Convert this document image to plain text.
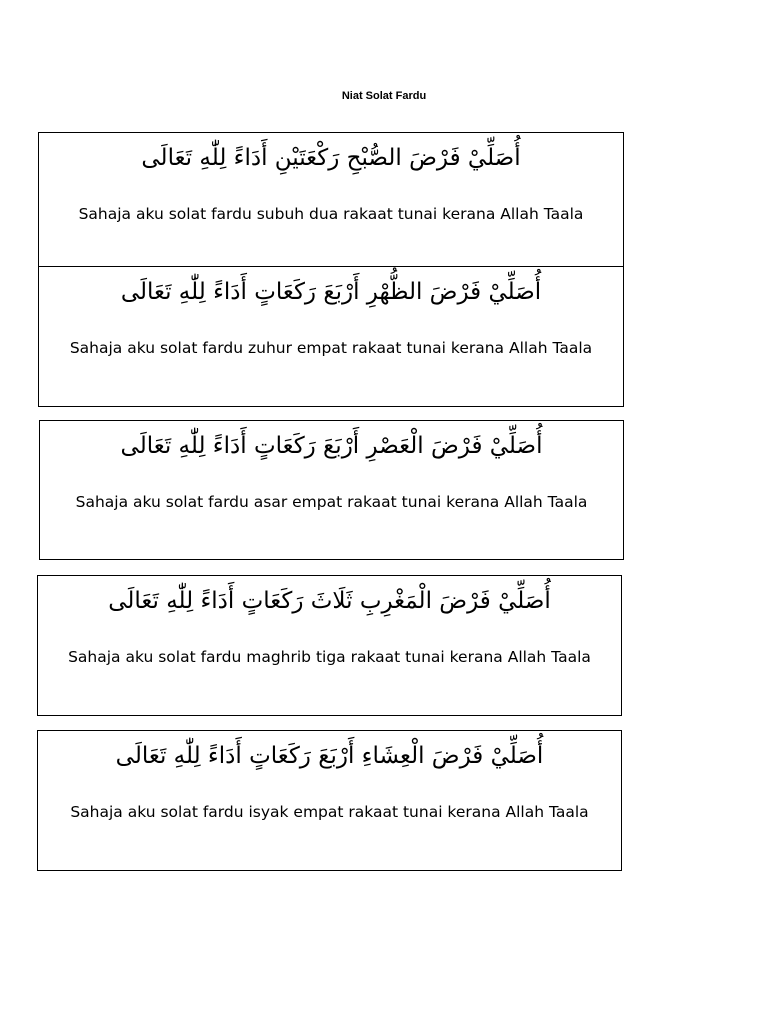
Niat Solat Fardu
أُصَلِّيْ فَرْضَ الصُّبْحِ رَكْعَتَيْنِ أَدَاءً لِلّٰهِ تَعَالَى
Sahaja aku solat fardu subuh dua rakaat tunai kerana Allah Taala
أُصَلِّيْ فَرْضَ الظُّهْرِ أَرْبَعَ رَكَعَاتٍ أَدَاءً لِلّٰهِ تَعَالَى
Sahaja aku solat fardu zuhur empat rakaat tunai kerana Allah Taala
أُصَلِّيْ فَرْضَ الْعَصْرِ أَرْبَعَ رَكَعَاتٍ أَدَاءً لِلّٰهِ تَعَالَى
Sahaja aku solat fardu asar empat rakaat tunai kerana Allah Taala
أُصَلِّيْ فَرْضَ الْمَغْرِبِ ثَلَاثَ رَكَعَاتٍ أَدَاءً لِلّٰهِ تَعَالَى
Sahaja aku solat fardu maghrib tiga rakaat tunai kerana Allah Taala
أُصَلِّيْ فَرْضَ الْعِشَاءِ أَرْبَعَ رَكَعَاتٍ أَدَاءً لِلّٰهِ تَعَالَى
Sahaja aku solat fardu isyak empat rakaat tunai kerana Allah Taala
